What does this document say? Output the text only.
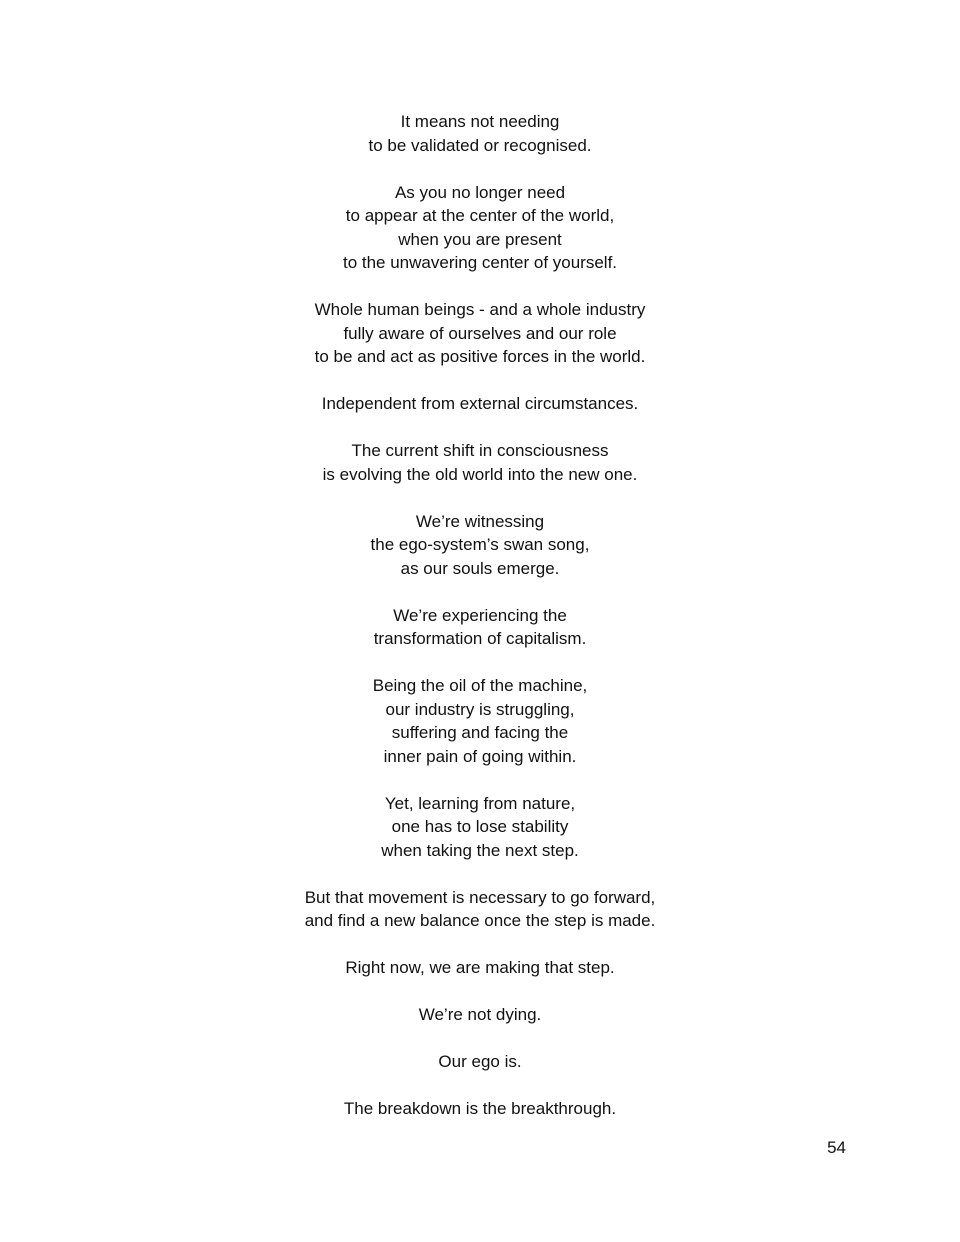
It means not needing
to be validated or recognised.
As you no longer need
to appear at the center of the world,
when you are present
to the unwavering center of yourself.
Whole human beings - and a whole industry
fully aware of ourselves and our role
to be and act as positive forces in the world.
Independent from external circumstances.
The current shift in consciousness
is evolving the old world into the new one.
We’re witnessing
the ego-system’s swan song,
as our souls emerge.
We’re experiencing the
transformation of capitalism.
Being the oil of the machine,
our industry is struggling,
suffering and facing the
inner pain of going within.
Yet, learning from nature,
one has to lose stability
when taking the next step.
But that movement is necessary to go forward,
and find a new balance once the step is made.
Right now, we are making that step.
We’re not dying.
Our ego is.
The breakdown is the breakthrough.
54
